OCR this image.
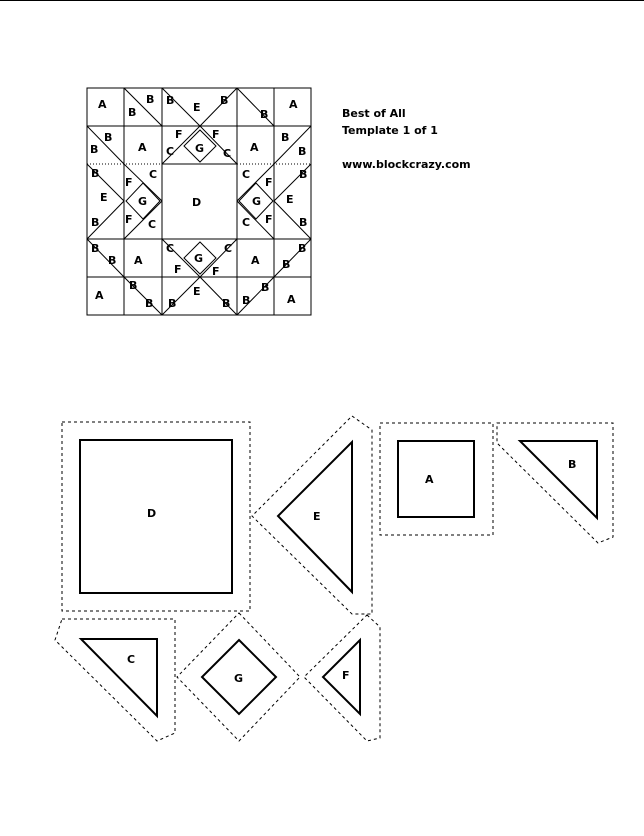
A	B
B
B
E
B
B
A
B
B	A
F	F
C G C A
B
B
B
E
B
C
F
G
F C
D
C
F
G
F
C
B
E
B
B
B A
C
G
F	F
C
A B
B
A
B
B B
E
B B
B
A
D	E
A
B
C
G	F
Best of All
Template 1 of 1
www.blockcrazy.com
